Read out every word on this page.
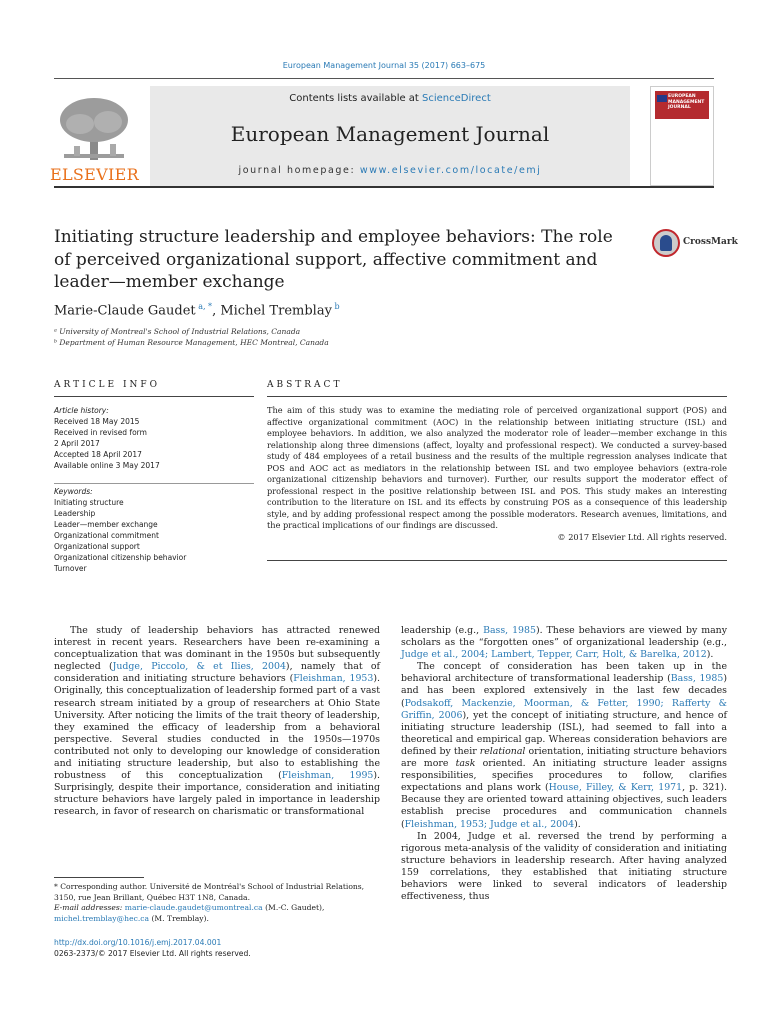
European Management Journal 35 (2017) 663–675
ELSEVIER
Contents lists available at ScienceDirect
European Management Journal
journal homepage: www.elsevier.com/locate/emj
EUROPEAN MANAGEMENT JOURNAL
Initiating structure leadership and employee behaviors: The role of perceived organizational support, affective commitment and leader—member exchange
CrossMark
Marie-Claude Gaudet $^{a, *}$, Michel Tremblay $^b$
ᵃ University of Montreal's School of Industrial Relations, Canada
ᵇ Department of Human Resource Management, HEC Montreal, Canada
ARTICLE INFO	ABSTRACT
Article history:
Received 18 May 2015
Received in revised form
2 April 2017
Accepted 18 April 2017
Available online 3 May 2017
Keywords:
Initiating structure
Leadership
Leader—member exchange
Organizational commitment
Organizational support
Organizational citizenship behavior
Turnover
The aim of this study was to examine the mediating role of perceived organizational support (POS) and affective organizational commitment (AOC) in the relationship between initiating structure (ISL) and employee behaviors. In addition, we also analyzed the moderator role of leader—member exchange in this relationship along three dimensions (affect, loyalty and professional respect). We conducted a survey-based study of 484 employees of a retail business and the results of the multiple regression analyses indicate that POS and AOC act as mediators in the relationship between ISL and two employee behaviors (extra-role organizational citizenship behaviors and turnover). Further, our results support the moderator effect of professional respect in the positive relationship between ISL and POS. This study makes an interesting contribution to the literature on ISL and its effects by construing POS as a consequence of this leadership style, and by adding professional respect among the possible moderators. Research avenues, limitations, and the practical implications of our findings are discussed.
© 2017 Elsevier Ltd. All rights reserved.

The study of leadership behaviors has attracted renewed interest in recent years. Researchers have been re-examining a conceptualization that was dominant in the 1950s but subsequently neglected (Judge, Piccolo, & et Ilies, 2004), namely that of consideration and initiating structure behaviors (Fleishman, 1953). Originally, this conceptualization of leadership formed part of a vast research stream initiated by a group of researchers at Ohio State University. After noticing the limits of the trait theory of leadership, they examined the efficacy of leadership from a behavioral perspective. Several studies conducted in the 1950s—1970s contributed not only to developing our knowledge of consideration and initiating structure leadership, but also to establishing the robustness of this conceptualization (Fleishman, 1995). Surprisingly, despite their importance, consideration and initiating structure behaviors have largely paled in importance in leadership research, in favor of research on charismatic or transformational

leadership (e.g., Bass, 1985). These behaviors are viewed by many scholars as the “forgotten ones” of organizational leadership (e.g., Judge et al., 2004; Lambert, Tepper, Carr, Holt, & Barelka, 2012).

The concept of consideration has been taken up in the behavioral architecture of transformational leadership (Bass, 1985) and has been explored extensively in the last few decades (Podsakoff, Mackenzie, Moorman, & Fetter, 1990; Rafferty & Griffin, 2006), yet the concept of initiating structure, and hence of initiating structure leadership (ISL), had seemed to fall into a theoretical and empirical gap. Whereas consideration behaviors are defined by their relational orientation, initiating structure behaviors are more task oriented. An initiating structure leader assigns responsibilities, specifies procedures to follow, clarifies expectations and plans work (House, Filley, & Kerr, 1971, p. 321). Because they are oriented toward attaining objectives, such leaders establish precise procedures and communication channels (Fleishman, 1953; Judge et al., 2004).

In 2004, Judge et al. reversed the trend by performing a rigorous meta-analysis of the validity of consideration and initiating structure behaviors in leadership research. After having analyzed 159 correlations, they established that initiating structure behaviors were linked to several indicators of leadership effectiveness, thus

* Corresponding author. Université de Montréal's School of Industrial Relations, 3150, rue Jean Brillant, Québec H3T 1N8, Canada.
E-mail addresses: marie-claude.gaudet@umontreal.ca (M.-C. Gaudet), michel.tremblay@hec.ca (M. Tremblay).
http://dx.doi.org/10.1016/j.emj.2017.04.001
0263-2373/© 2017 Elsevier Ltd. All rights reserved.
